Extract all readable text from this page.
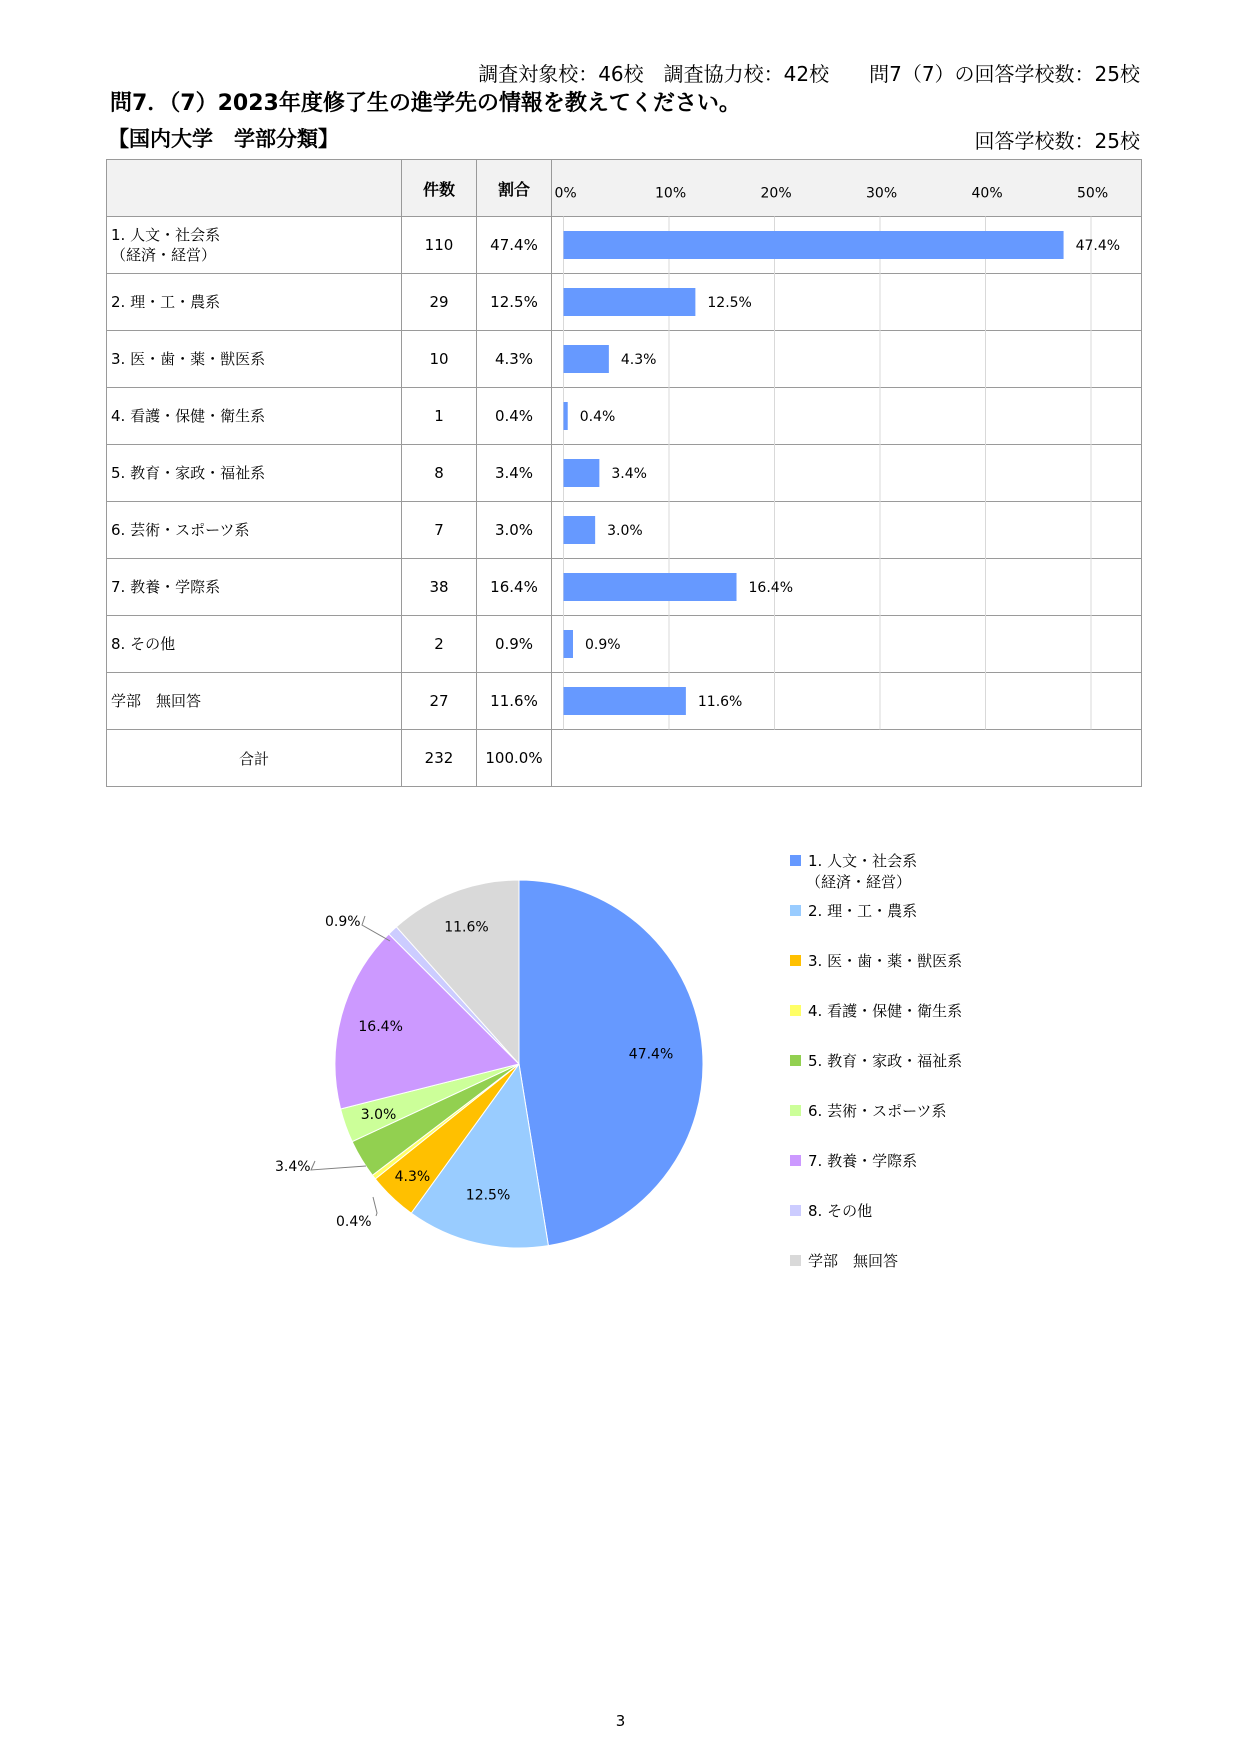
調査対象校：46校　調査協力校：42校　　問7（7）の回答学校数：25校
問7．（7）2023年度修了生の進学先の情報を教えてください。
【国内大学　学部分類】	回答学校数：25校
	件数	割合	
1. 人文・社会系
（経済・経営）	110	47.4%	
2. 理・工・農系	29	12.5%	
3. 医・歯・薬・獣医系	10	4.3%	
4. 看護・保健・衛生系	1	0.4%	
5. 教育・家政・福祉系	8	3.4%	
6. 芸術・スポーツ系	7	3.0%	
7. 教養・学際系	38	16.4%	
8. その他	2	0.9%	
学部　無回答	27	11.6%	
合計	232	100.0%	
0%	10%	20%	30%	40%	50%
47.4%
12.5%
4.3%
0.4%
3.4%
3.0%
16.4%
0.9%
11.6%
47.4%
12.5%
4.3%
0.4%
3.4%
3.0%
16.4%
0.9%	11.6%
1. 人文・社会系
（経済・経営）
2. 理・工・農系
3. 医・歯・薬・獣医系
4. 看護・保健・衛生系
5. 教育・家政・福祉系
6. 芸術・スポーツ系
7. 教養・学際系
8. その他
学部　無回答
3
